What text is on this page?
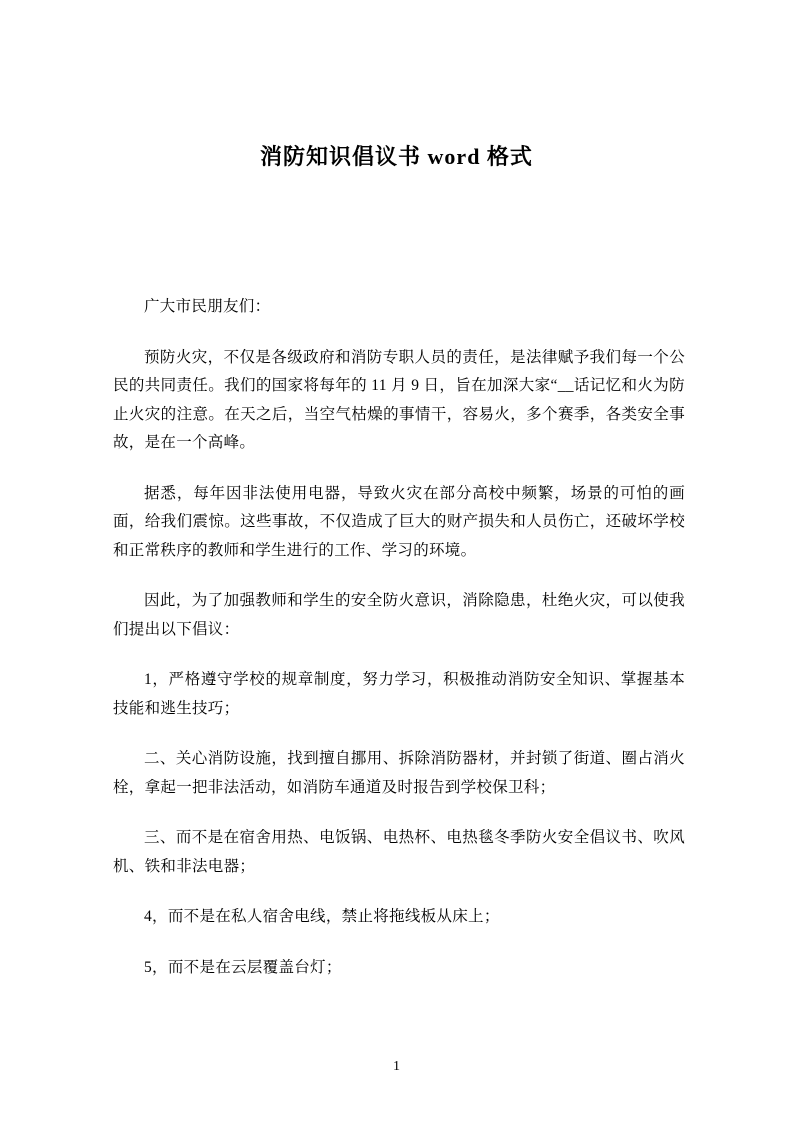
消防知识倡议书 word 格式
广大市民朋友们：
预防火灾，不仅是各级政府和消防专职人员的责任，是法律赋予我们每一个公民的共同责任。我们的国家将每年的 11 月 9 日，旨在加深大家“__话记忆和火为防止火灾的注意。在天之后，当空气枯燥的事情干，容易火，多个赛季，各类安全事故，是在一个高峰。
据悉，每年因非法使用电器，导致火灾在部分高校中频繁，场景的可怕的画面，给我们震惊。这些事故，不仅造成了巨大的财产损失和人员伤亡，还破坏学校和正常秩序的教师和学生进行的工作、学习的环境。
因此，为了加强教师和学生的安全防火意识，消除隐患，杜绝火灾，可以使我们提出以下倡议：
1，严格遵守学校的规章制度，努力学习，积极推动消防安全知识、掌握基本技能和逃生技巧；
二、关心消防设施，找到擅自挪用、拆除消防器材，并封锁了街道、圈占消火栓，拿起一把非法活动，如消防车通道及时报告到学校保卫科；
三、而不是在宿舍用热、电饭锅、电热杯、电热毯冬季防火安全倡议书、吹风机、铁和非法电器；
4，而不是在私人宿舍电线，禁止将拖线板从床上；
5，而不是在云层覆盖台灯；
1
